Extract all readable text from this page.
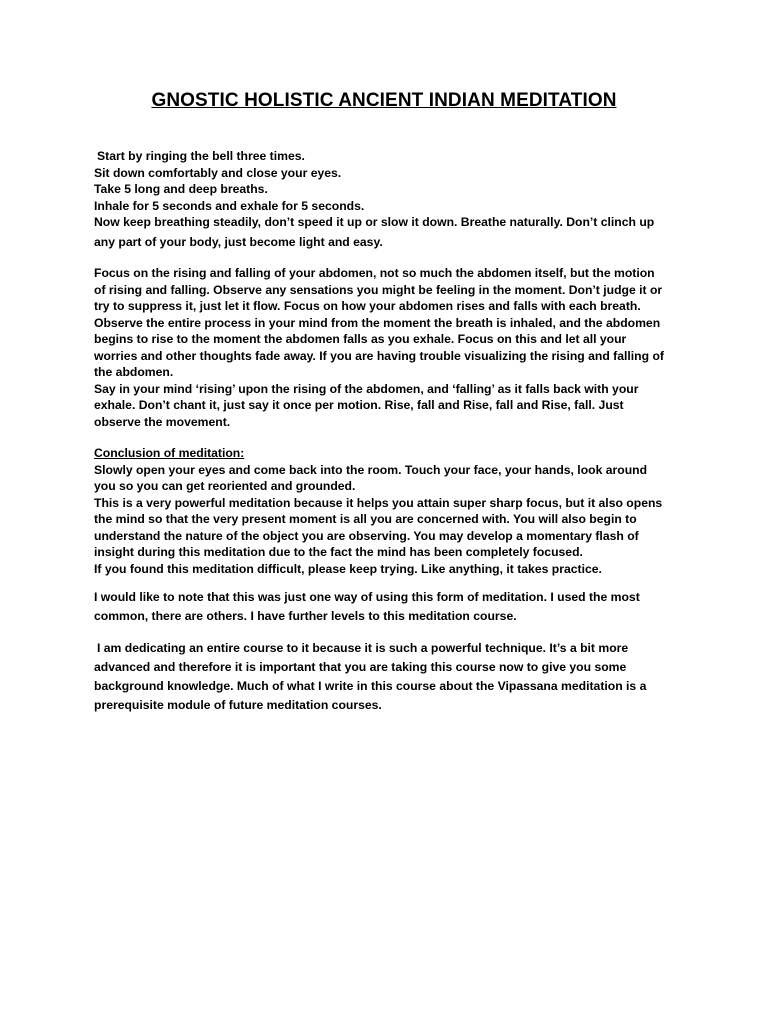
GNOSTIC HOLISTIC ANCIENT INDIAN MEDITATION
Start by ringing the bell three times.
Sit down comfortably and close your eyes.
Take 5 long and deep breaths.
Inhale for 5 seconds and exhale for 5 seconds.
Now keep breathing steadily, don’t speed it up or slow it down. Breathe naturally. Don’t clinch up
any part of your body, just become light and easy.
Focus on the rising and falling of your abdomen, not so much the abdomen itself, but the motion
of rising and falling. Observe any sensations you might be feeling in the moment. Don’t judge it or
try to suppress it, just let it flow. Focus on how your abdomen rises and falls with each breath.
Observe the entire process in your mind from the moment the breath is inhaled, and the abdomen
begins to rise to the moment the abdomen falls as you exhale. Focus on this and let all your
worries and other thoughts fade away. If you are having trouble visualizing the rising and falling of
the abdomen.
Say in your mind ‘rising’ upon the rising of the abdomen, and ‘falling’ as it falls back with your
exhale. Don’t chant it, just say it once per motion. Rise, fall and Rise, fall and Rise, fall. Just
observe the movement.
Conclusion of meditation:
Slowly open your eyes and come back into the room. Touch your face, your hands, look around
you so you can get reoriented and grounded.
This is a very powerful meditation because it helps you attain super sharp focus, but it also opens
the mind so that the very present moment is all you are concerned with. You will also begin to
understand the nature of the object you are observing. You may develop a momentary flash of
insight during this meditation due to the fact the mind has been completely focused.
If you found this meditation difficult, please keep trying. Like anything, it takes practice.
I would like to note that this was just one way of using this form of meditation. I used the most
common, there are others. I have further levels to this meditation course.
I am dedicating an entire course to it because it is such a powerful technique. It’s a bit more
advanced and therefore it is important that you are taking this course now to give you some
background knowledge. Much of what I write in this course about the Vipassana meditation is a
prerequisite module of future meditation courses.
